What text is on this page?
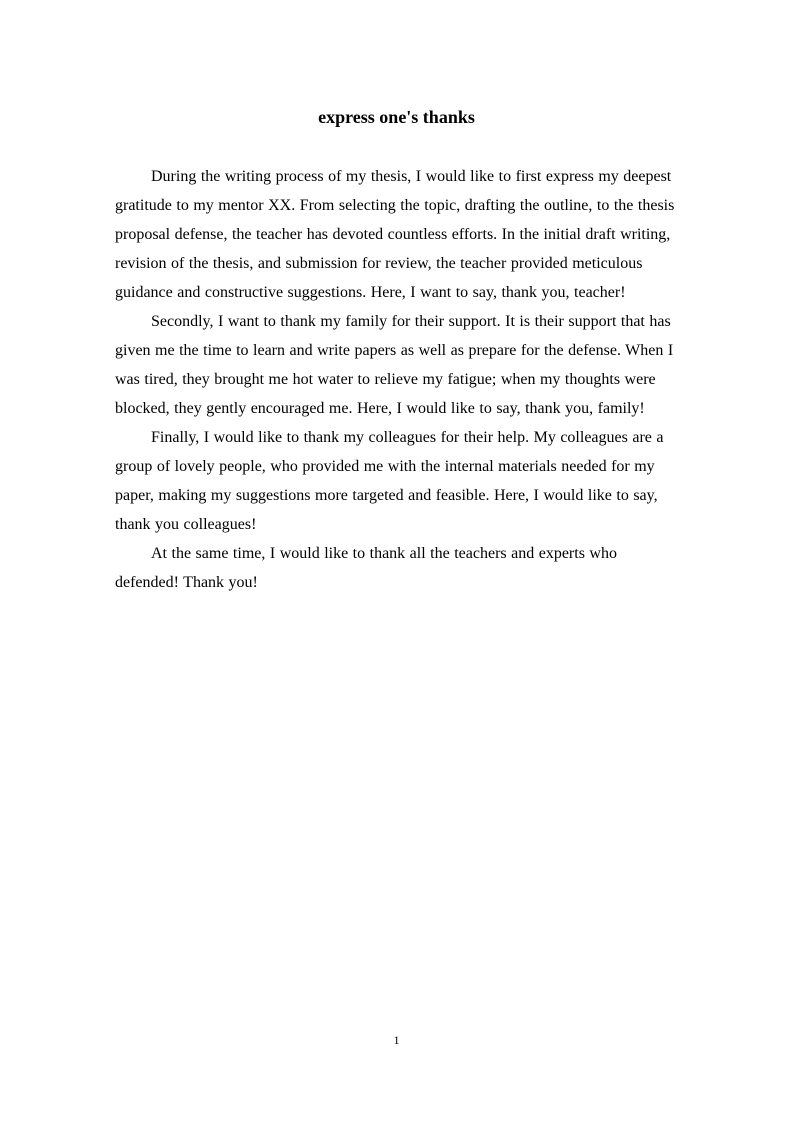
express one's thanks

During the writing process of my thesis, I would like to first express my deepest gratitude to my mentor XX. From selecting the topic, drafting the outline, to the thesis proposal defense, the teacher has devoted countless efforts. In the initial draft writing, revision of the thesis, and submission for review, the teacher provided meticulous guidance and constructive suggestions. Here, I want to say, thank you, teacher!

Secondly, I want to thank my family for their support. It is their support that has given me the time to learn and write papers as well as prepare for the defense. When I was tired, they brought me hot water to relieve my fatigue; when my thoughts were blocked, they gently encouraged me. Here, I would like to say, thank you, family!

Finally, I would like to thank my colleagues for their help. My colleagues are a group of lovely people, who provided me with the internal materials needed for my paper, making my suggestions more targeted and feasible. Here, I would like to say, thank you colleagues!

At the same time, I would like to thank all the teachers and experts who defended! Thank you!

1
